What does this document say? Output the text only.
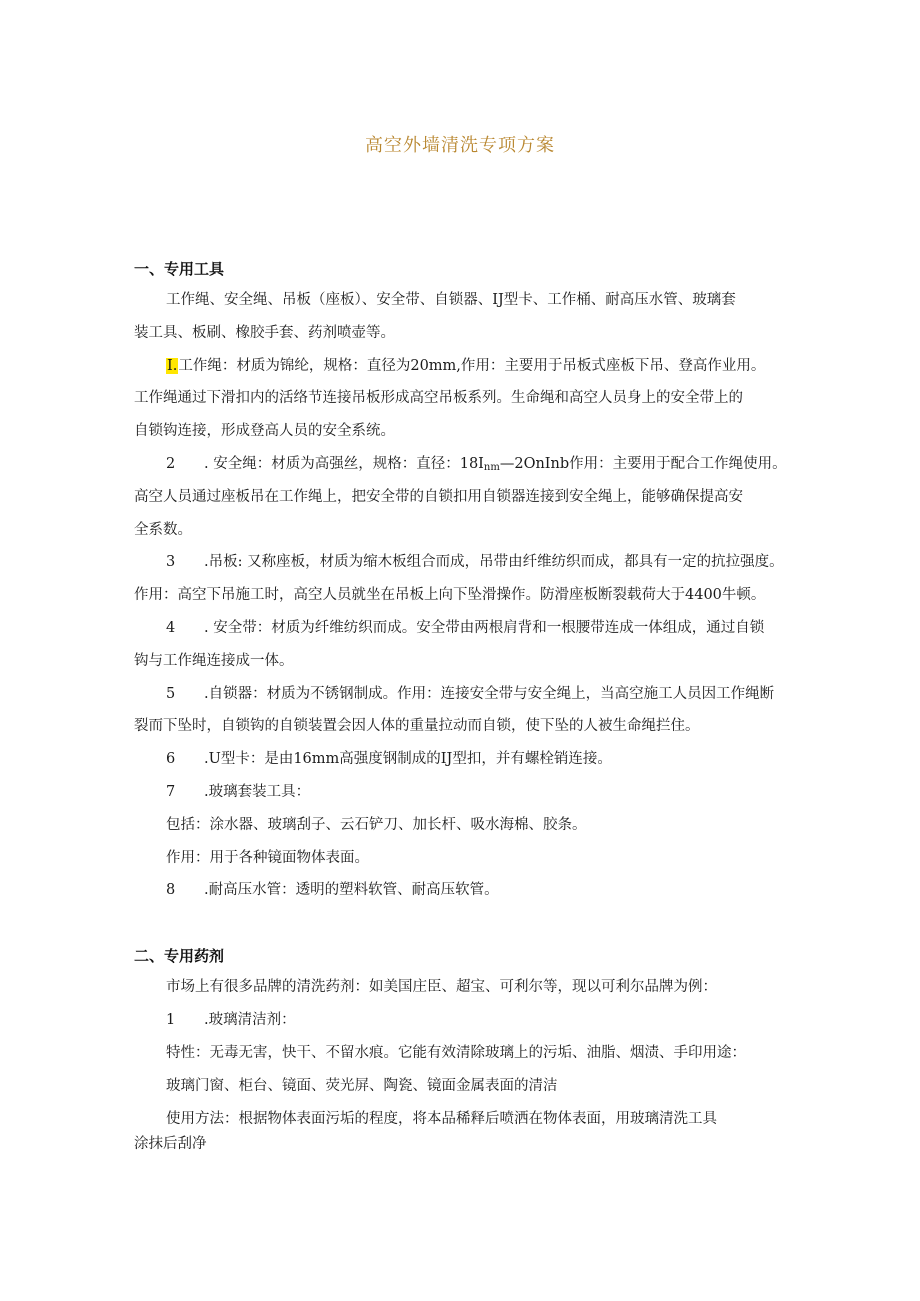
高空外墙清洗专项方案
一、专用工具
工作绳、安全绳、吊板（座板）、安全带、自锁器、IJ型卡、工作桶、耐高压水管、玻璃套
装工具、板刷、橡胶手套、药剂喷壶等。
I.工作绳：材质为锦纶，规格：直径为20mm,作用：主要用于吊板式座板下吊、登高作业用。
工作绳通过下滑扣内的活络节连接吊板形成高空吊板系列。生命绳和高空人员身上的安全带上的
自锁钩连接，形成登高人员的安全系统。
2 . 安全绳：材质为高强丝，规格：直径：$18I_{nm}—2OnInb$作用：主要用于配合工作绳使用。
高空人员通过座板吊在工作绳上，把安全带的自锁扣用自锁器连接到安全绳上，能够确保提高安
全系数。
3 .吊板: 又称座板，材质为缩木板组合而成，吊带由纤维纺织而成，都具有一定的抗拉强度。
作用：高空下吊施工时，高空人员就坐在吊板上向下坠滑操作。防滑座板断裂载荷大于4400牛顿。
4 . 安全带：材质为纤维纺织而成。安全带由两根肩背和一根腰带连成一体组成，通过自锁
钩与工作绳连接成一体。
5 .自锁器：材质为不锈钢制成。作用：连接安全带与安全绳上，当高空施工人员因工作绳断
裂而下坠时，自锁钩的自锁装置会因人体的重量拉动而自锁，使下坠的人被生命绳拦住。
6 .U型卡：是由16mm高强度钢制成的IJ型扣，并有螺栓销连接。
7 .玻璃套装工具：
包括：涂水器、玻璃刮子、云石铲刀、加长杆、吸水海棉、胶条。
作用：用于各种镜面物体表面。
8 .耐高压水管：透明的塑料软管、耐高压软管。
二、专用药剂
市场上有很多品牌的清洗药剂：如美国庄臣、超宝、可利尔等，现以可利尔品牌为例：
1 .玻璃清洁剂：
特性：无毒无害，快干、不留水痕。它能有效清除玻璃上的污垢、油脂、烟渍、手印用途：
玻璃门窗、柜台、镜面、荧光屏、陶瓷、镜面金属表面的清洁
使用方法：根据物体表面污垢的程度，将本品稀释后喷洒在物体表面，用玻璃清洗工具
涂抹后刮净
